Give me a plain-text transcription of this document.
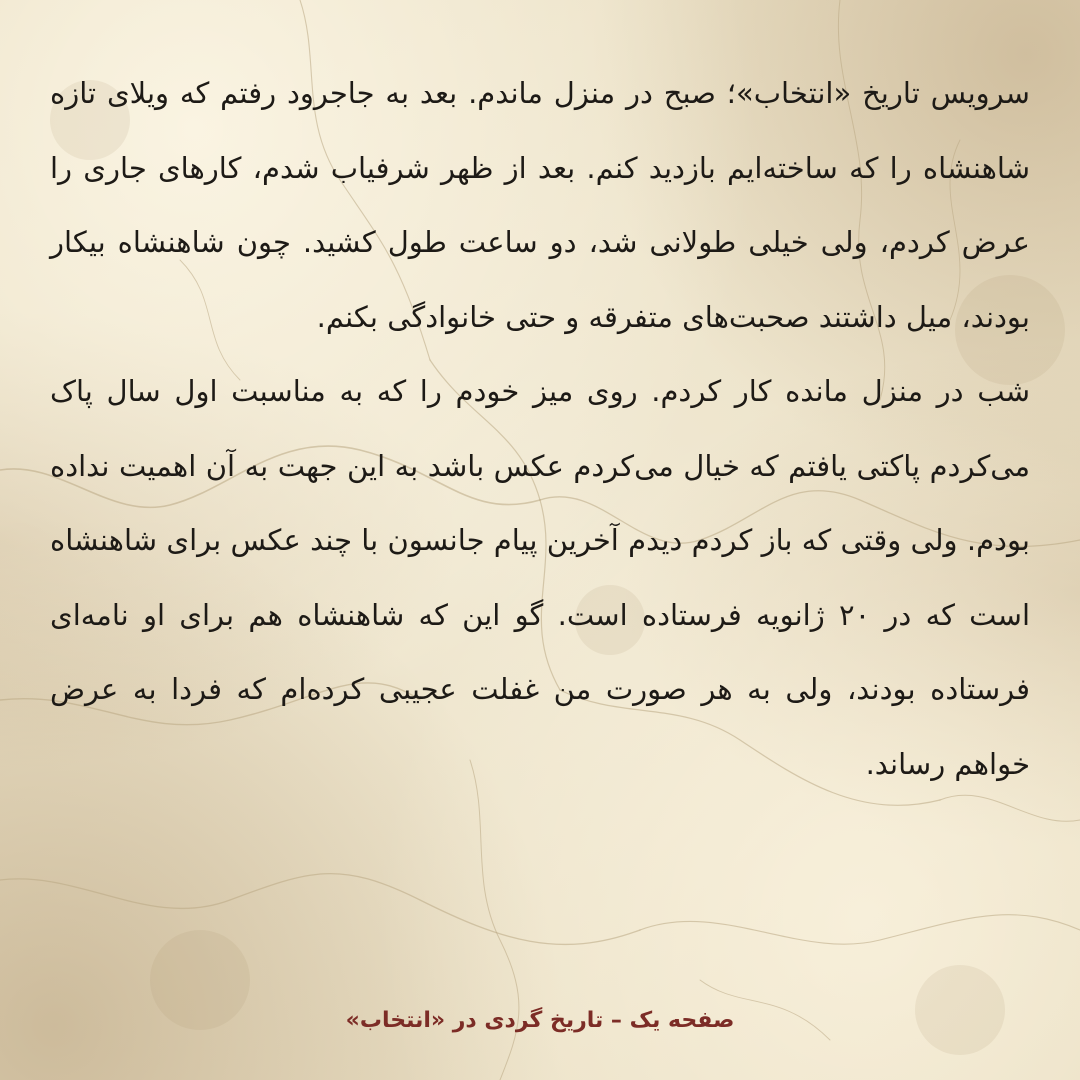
سرویس تاریخ «انتخاب»؛ صبح در منزل ماندم. بعد به جاجرود رفتم که ویلای تازه شاهنشاه را که ساخته‌ایم بازدید کنم. بعد از ظهر شرفیاب شدم، کارهای جاری را عرض کردم، ولی خیلی طولانی شد، دو ساعت طول کشید. چون شاهنشاه بیکار بودند، میل داشتند صحبت‌های متفرقه و حتی خانوادگی بکنم.

شب در منزل مانده کار کردم. روی میز خودم را که به مناسبت اول سال پاک می‌کردم پاکتی یافتم که خیال می‌کردم عکس باشد به این جهت به آن اهمیت نداده بودم. ولی وقتی که باز کردم دیدم آخرین پیام جانسون با چند عکس برای شاهنشاه است که در ۲۰ ژانویه فرستاده است. گو این که شاهنشاه هم برای او نامه‌ای فرستاده بودند، ولی به هر صورت من غفلت عجیبی کرده‌ام که فردا به عرض خواهم رساند.

صفحه یک – تاریخ گردی در «انتخاب»
